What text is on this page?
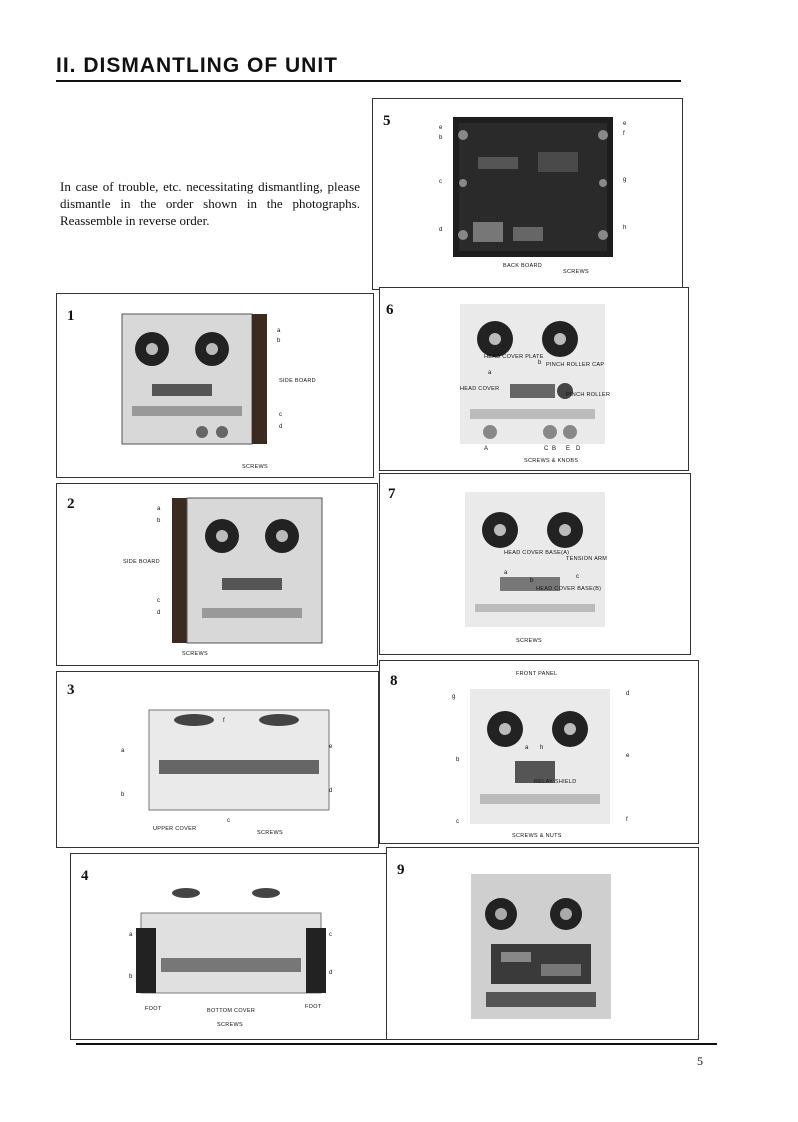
II. DISMANTLING OF UNIT
In case of trouble, etc. necessitating dismantling, please dismantle in the order shown in the photographs. Reassemble in reverse order.
5	e
b
c
d
e
f
g
h
BACK BOARD
SCREWS
1
a
b
SIDE BOARD
c
d
SCREWS
6
HEAD COVER PLATE
b PINCH ROLLER CAP
a
HEAD COVER
PINCH ROLLER
A	C B E D
SCREWS & KNOBS
2	a
b
SIDE BOARD
c
d
SCREWS
7
HEAD COVER BASE(A)
TENSION ARM
a
b
c
HEAD COVER BASE(B)
SCREWS
3
a
f
e
b
d
c
UPPER COVER
SCREWS
8	FRONT PANEL
g	d
a h
e
b
RELAY SHIELD
f
c
SCREWS & NUTS
4
a	c
b
d
FOOT	BOTTOM COVER
FOOT
SCREWS
9
5
